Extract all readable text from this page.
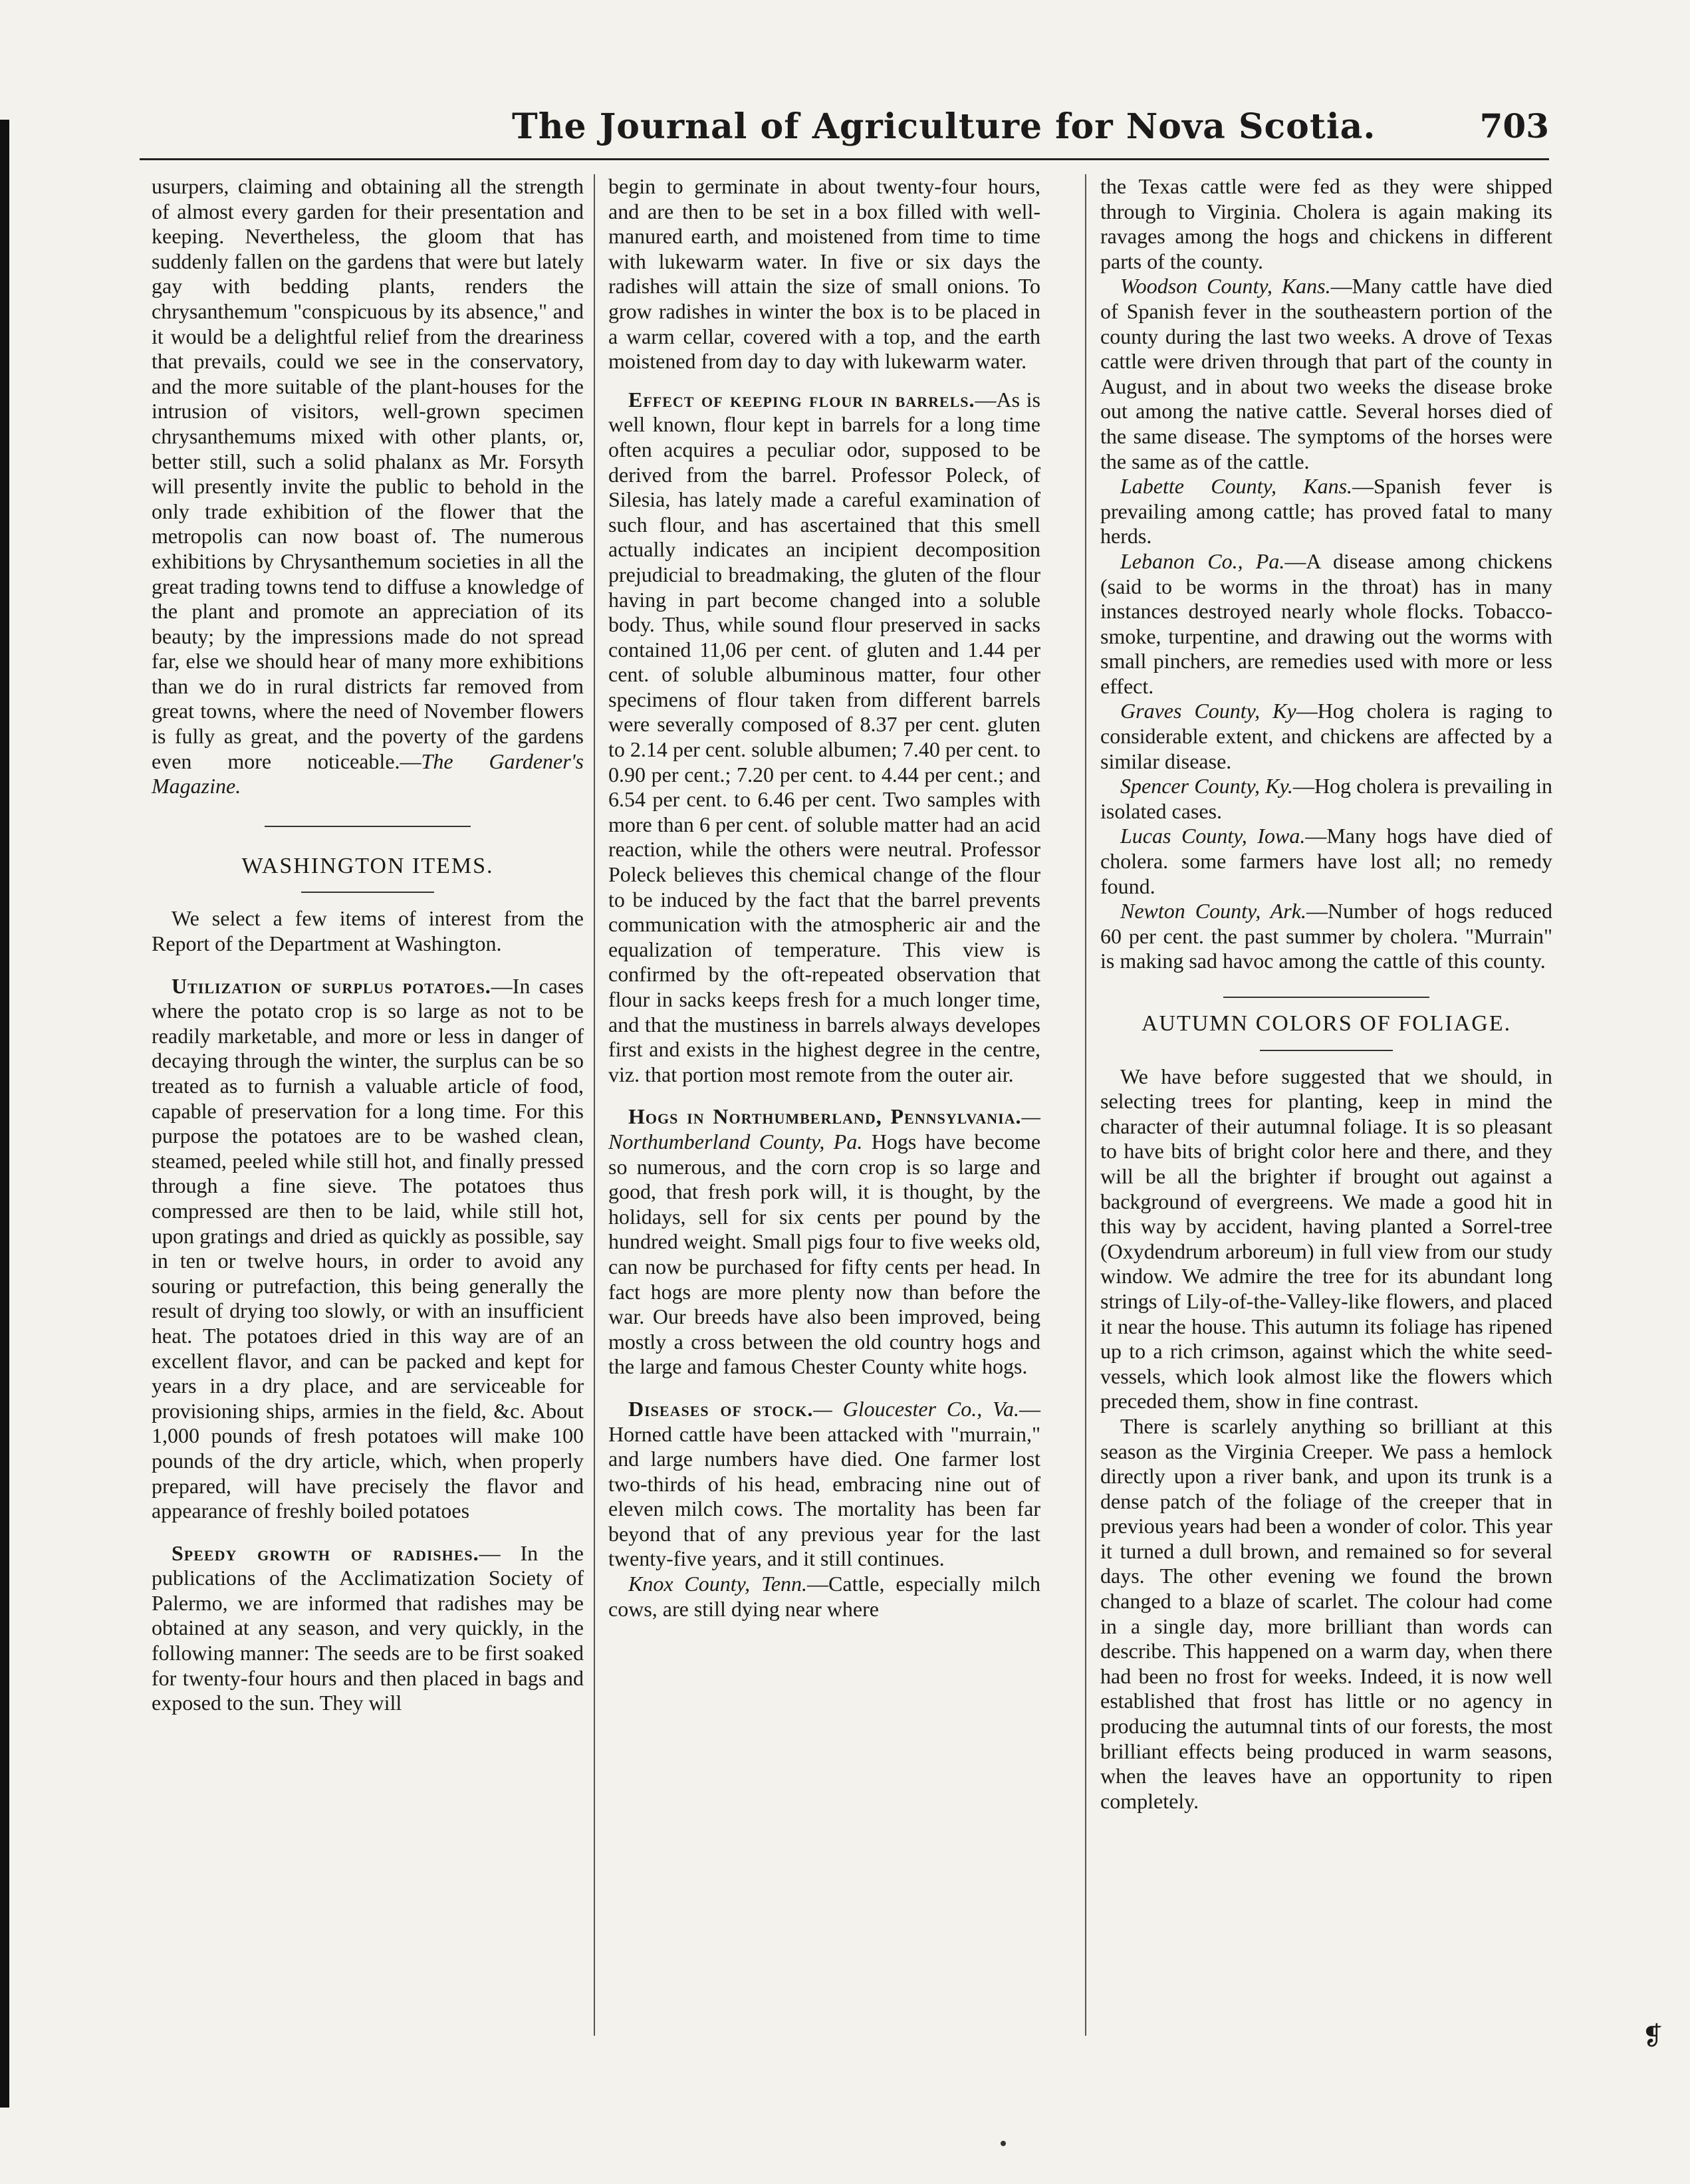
The Journal of Agriculture for Nova Scotia.	703

usurpers, claiming and obtaining all the strength of almost every garden for their presentation and keeping. Nevertheless, the gloom that has suddenly fallen on the gardens that were but lately gay with bedding plants, renders the chrysanthemum "conspicuous by its absence," and it would be a delightful relief from the dreariness that prevails, could we see in the conservatory, and the more suitable of the plant-houses for the intrusion of visitors, well-grown specimen chrysanthemums mixed with other plants, or, better still, such a solid phalanx as Mr. Forsyth will presently invite the public to behold in the only trade exhibition of the flower that the metropolis can now boast of. The numerous exhibitions by Chrysanthemum societies in all the great trading towns tend to diffuse a knowledge of the plant and promote an appreciation of its beauty; by the impressions made do not spread far, else we should hear of many more exhibitions than we do in rural districts far removed from great towns, where the need of November flowers is fully as great, and the poverty of the gardens even more noticeable.—The Gardener's Magazine.

WASHINGTON ITEMS.

We select a few items of interest from the Report of the Department at Washington.

Utilization of surplus potatoes.—In cases where the potato crop is so large as not to be readily marketable, and more or less in danger of decaying through the winter, the surplus can be so treated as to furnish a valuable article of food, capable of preservation for a long time. For this purpose the potatoes are to be washed clean, steamed, peeled while still hot, and finally pressed through a fine sieve. The potatoes thus compressed are then to be laid, while still hot, upon gratings and dried as quickly as possible, say in ten or twelve hours, in order to avoid any souring or putrefaction, this being generally the result of drying too slowly, or with an insufficient heat. The potatoes dried in this way are of an excellent flavor, and can be packed and kept for years in a dry place, and are serviceable for provisioning ships, armies in the field, &c. About 1,000 pounds of fresh potatoes will make 100 pounds of the dry article, which, when properly prepared, will have precisely the flavor and appearance of freshly boiled potatoes

Speedy growth of radishes.— In the publications of the Acclimatization Society of Palermo, we are informed that radishes may be obtained at any season, and very quickly, in the following manner: The seeds are to be first soaked for twenty-four hours and then placed in bags and exposed to the sun. They will

begin to germinate in about twenty-four hours, and are then to be set in a box filled with well-manured earth, and moistened from time to time with lukewarm water. In five or six days the radishes will attain the size of small onions. To grow radishes in winter the box is to be placed in a warm cellar, covered with a top, and the earth moistened from day to day with lukewarm water.

Effect of keeping flour in barrels.—As is well known, flour kept in barrels for a long time often acquires a peculiar odor, supposed to be derived from the barrel. Professor Poleck, of Silesia, has lately made a careful examination of such flour, and has ascertained that this smell actually indicates an incipient decomposition prejudicial to breadmaking, the gluten of the flour having in part become changed into a soluble body. Thus, while sound flour preserved in sacks contained 11,06 per cent. of gluten and 1.44 per cent. of soluble albuminous matter, four other specimens of flour taken from different barrels were severally composed of 8.37 per cent. gluten to 2.14 per cent. soluble albumen; 7.40 per cent. to 0.90 per cent.; 7.20 per cent. to 4.44 per cent.; and 6.54 per cent. to 6.46 per cent. Two samples with more than 6 per cent. of soluble matter had an acid reaction, while the others were neutral. Professor Poleck believes this chemical change of the flour to be induced by the fact that the barrel prevents communication with the atmospheric air and the equalization of temperature. This view is confirmed by the oft-repeated observation that flour in sacks keeps fresh for a much longer time, and that the mustiness in barrels always developes first and exists in the highest degree in the centre, viz. that portion most remote from the outer air.

Hogs in Northumberland, Pennsylvania.—Northumberland County, Pa. Hogs have become so numerous, and the corn crop is so large and good, that fresh pork will, it is thought, by the holidays, sell for six cents per pound by the hundred weight. Small pigs four to five weeks old, can now be purchased for fifty cents per head. In fact hogs are more plenty now than before the war. Our breeds have also been improved, being mostly a cross between the old country hogs and the large and famous Chester County white hogs.

Diseases of stock.— Gloucester Co., Va.—Horned cattle have been attacked with "murrain," and large numbers have died. One farmer lost two-thirds of his head, embracing nine out of eleven milch cows. The mortality has been far beyond that of any previous year for the last twenty-five years, and it still continues.

Knox County, Tenn.—Cattle, especially milch cows, are still dying near where

the Texas cattle were fed as they were shipped through to Virginia. Cholera is again making its ravages among the hogs and chickens in different parts of the county.

Woodson County, Kans.—Many cattle have died of Spanish fever in the southeastern portion of the county during the last two weeks. A drove of Texas cattle were driven through that part of the county in August, and in about two weeks the disease broke out among the native cattle. Several horses died of the same disease. The symptoms of the horses were the same as of the cattle.

Labette County, Kans.—Spanish fever is prevailing among cattle; has proved fatal to many herds.

Lebanon Co., Pa.—A disease among chickens (said to be worms in the throat) has in many instances destroyed nearly whole flocks. Tobacco-smoke, turpentine, and drawing out the worms with small pinchers, are remedies used with more or less effect.

Graves County, Ky—Hog cholera is raging to considerable extent, and chickens are affected by a similar disease.

Spencer County, Ky.—Hog cholera is prevailing in isolated cases.

Lucas County, Iowa.—Many hogs have died of cholera. some farmers have lost all; no remedy found.

Newton County, Ark.—Number of hogs reduced 60 per cent. the past summer by cholera. "Murrain" is making sad havoc among the cattle of this county.

AUTUMN COLORS OF FOLIAGE.

We have before suggested that we should, in selecting trees for planting, keep in mind the character of their autumnal foliage. It is so pleasant to have bits of bright color here and there, and they will be all the brighter if brought out against a background of evergreens. We made a good hit in this way by accident, having planted a Sorrel-tree (Oxydendrum arboreum) in full view from our study window. We admire the tree for its abundant long strings of Lily-of-the-Valley-like flowers, and placed it near the house. This autumn its foliage has ripened up to a rich crimson, against which the white seed-vessels, which look almost like the flowers which preceded them, show in fine contrast.

There is scarlely anything so brilliant at this season as the Virginia Creeper. We pass a hemlock directly upon a river bank, and upon its trunk is a dense patch of the foliage of the creeper that in previous years had been a wonder of color. This year it turned a dull brown, and remained so for several days. The other evening we found the brown changed to a blaze of scarlet. The colour had come in a single day, more brilliant than words can describe. This happened on a warm day, when there had been no frost for weeks. Indeed, it is now well established that frost has little or no agency in producing the autumnal tints of our forests, the most brilliant effects being produced in warm seasons, when the leaves have an opportunity to ripen completely.

❡
